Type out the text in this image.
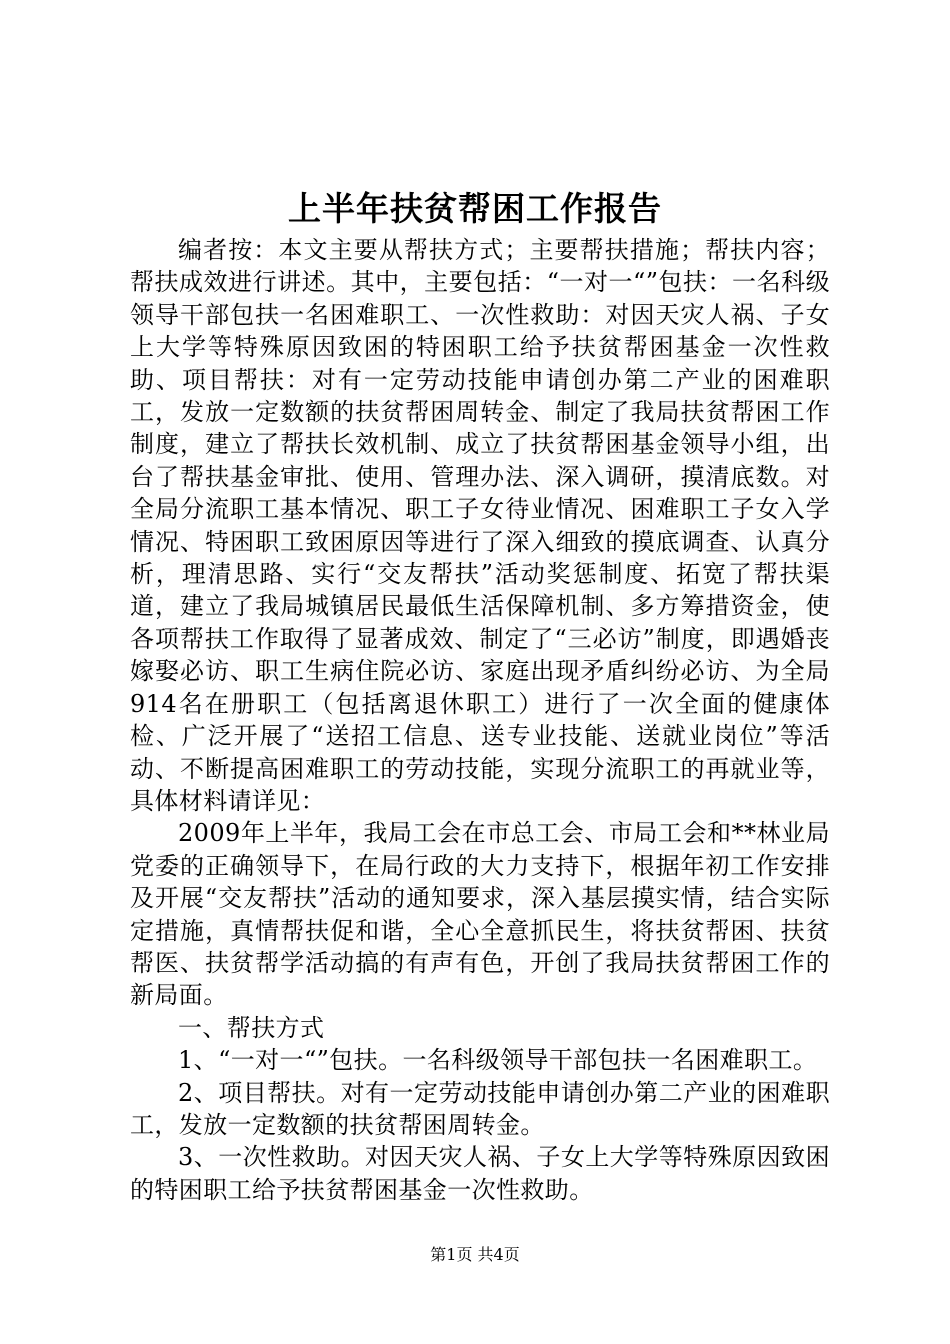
上半年扶贫帮困工作报告

编者按：本文主要从帮扶方式；主要帮扶措施；帮扶内容；帮扶成效进行讲述。其中，主要包括：“一对一“”包扶：一名科级领导干部包扶一名困难职工、一次性救助：对因天灾人祸、子女上大学等特殊原因致困的特困职工给予扶贫帮困基金一次性救助、项目帮扶：对有一定劳动技能申请创办第二产业的困难职工，发放一定数额的扶贫帮困周转金、制定了我局扶贫帮困工作制度，建立了帮扶长效机制、成立了扶贫帮困基金领导小组，出台了帮扶基金审批、使用、管理办法、深入调研，摸清底数。对全局分流职工基本情况、职工子女待业情况、困难职工子女入学情况、特困职工致困原因等进行了深入细致的摸底调查、认真分析，理清思路、实行“交友帮扶”活动奖惩制度、拓宽了帮扶渠道，建立了我局城镇居民最低生活保障机制、多方筹措资金，使各项帮扶工作取得了显著成效、制定了“三必访”制度，即遇婚丧嫁娶必访、职工生病住院必访、家庭出现矛盾纠纷必访、为全局914名在册职工（包括离退休职工）进行了一次全面的健康体检、广泛开展了“送招工信息、送专业技能、送就业岗位”等活动、不断提高困难职工的劳动技能，实现分流职工的再就业等，具体材料请详见：

2009年上半年，我局工会在市总工会、市局工会和**林业局党委的正确领导下，在局行政的大力支持下，根据年初工作安排及开展“交友帮扶”活动的通知要求，深入基层摸实情，结合实际定措施，真情帮扶促和谐，全心全意抓民生，将扶贫帮困、扶贫帮医、扶贫帮学活动搞的有声有色，开创了我局扶贫帮困工作的新局面。

一、帮扶方式

1、“一对一“”包扶。一名科级领导干部包扶一名困难职工。

2、项目帮扶。对有一定劳动技能申请创办第二产业的困难职工，发放一定数额的扶贫帮困周转金。

3、一次性救助。对因天灾人祸、子女上大学等特殊原因致困的特困职工给予扶贫帮困基金一次性救助。

第1页 共4页
